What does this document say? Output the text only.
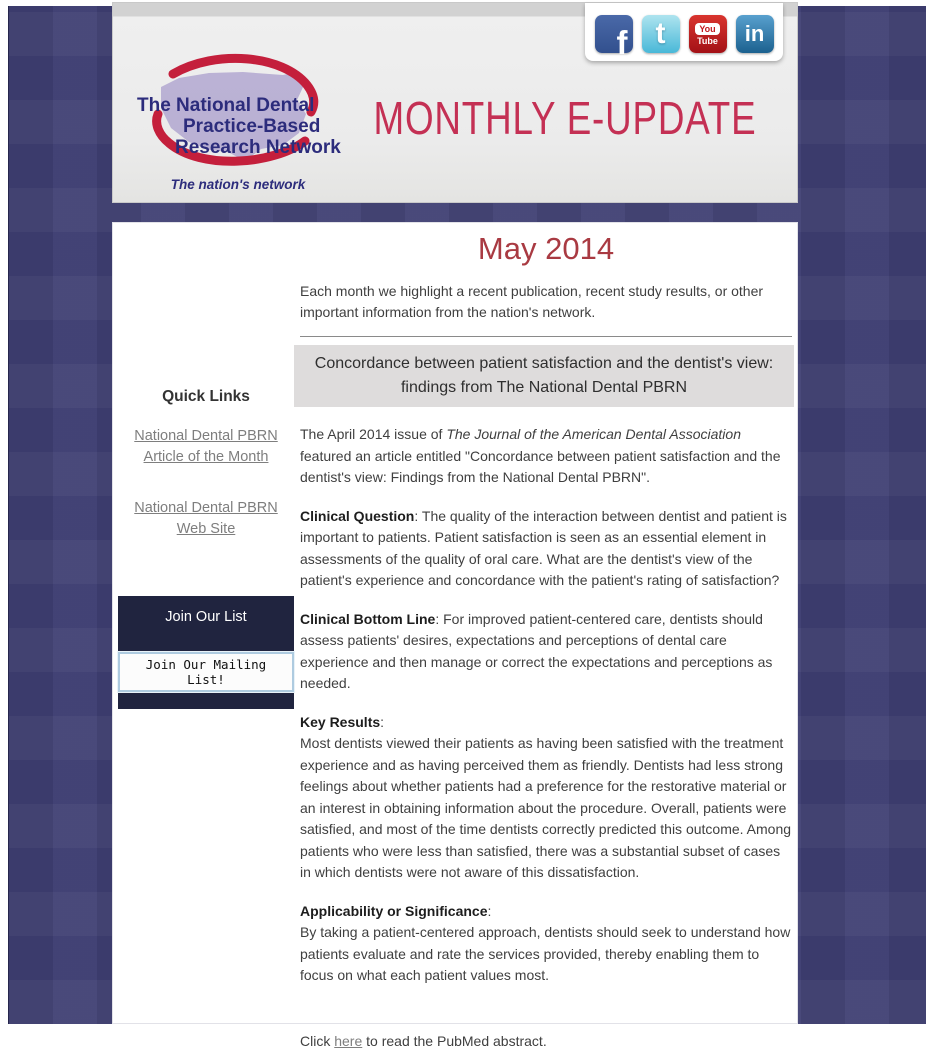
The National Dental
Practice-Based
Research Network
The nation's network
MONTHLY E-UPDATE
f t	You
Tube in
Quick Links
National Dental PBRN
Article of the Month
National Dental PBRN
Web Site
Join Our List
Join Our Mailing List!
May 2014

Each month we highlight a recent publication, recent study results, or other important information from the nation's network.

Concordance between patient satisfaction and the dentist's view:
findings from The National Dental PBRN

The April 2014 issue of The Journal of the American Dental Association featured an article entitled "Concordance between patient satisfaction and the dentist's view: Findings from the National Dental PBRN".

Clinical Question: The quality of the interaction between dentist and patient is important to patients. Patient satisfaction is seen as an essential element in assessments of the quality of oral care. What are the dentist's view of the patient's experience and concordance with the patient's rating of satisfaction?

Clinical Bottom Line: For improved patient-centered care, dentists should assess patients' desires, expectations and perceptions of dental care experience and then manage or correct the expectations and perceptions as needed.

Key Results:
Most dentists viewed their patients as having been satisfied with the treatment experience and as having perceived them as friendly. Dentists had less strong feelings about whether patients had a preference for the restorative material or an interest in obtaining information about the procedure. Overall, patients were satisfied, and most of the time dentists correctly predicted this outcome. Among patients who were less than satisfied, there was a substantial subset of cases in which dentists were not aware of this dissatisfaction.

Applicability or Significance:
By taking a patient-centered approach, dentists should seek to understand how patients evaluate and rate the services provided, thereby enabling them to focus on what each patient values most.

Click here to read the PubMed abstract.
